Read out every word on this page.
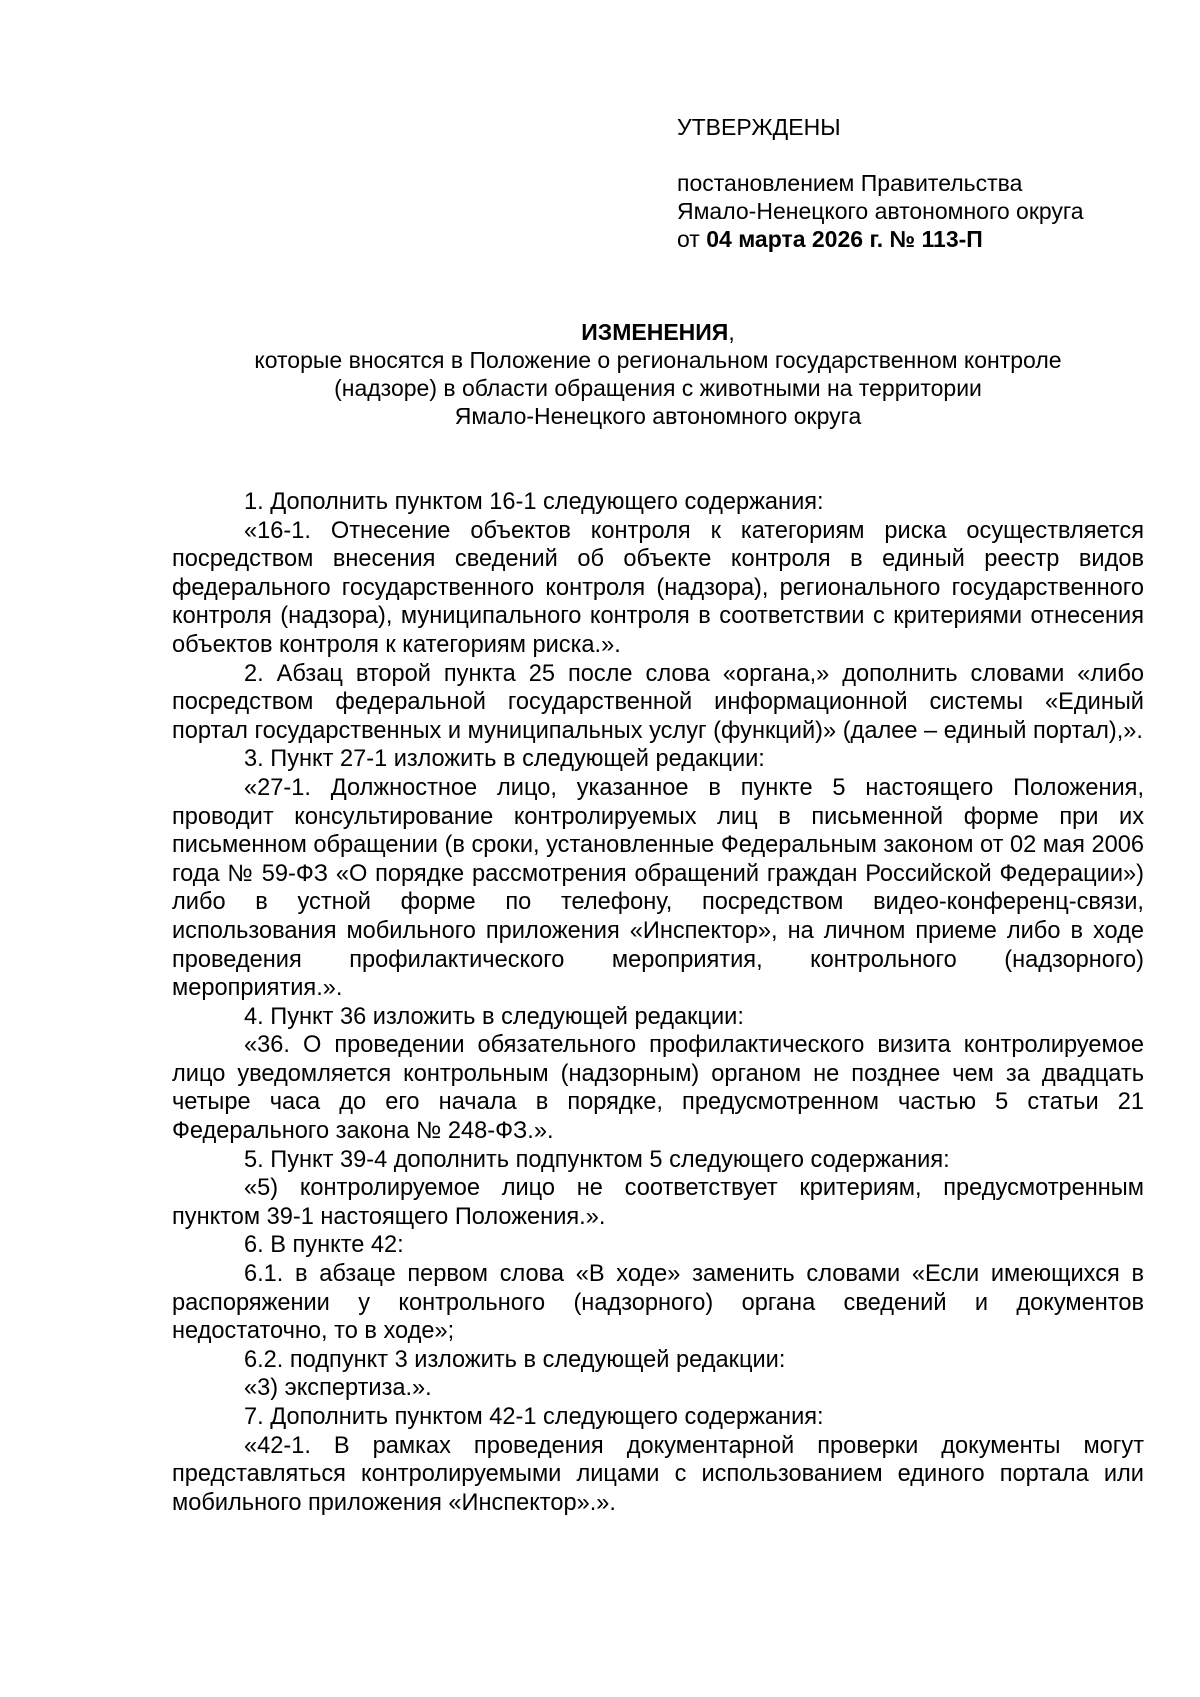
УТВЕРЖДЕНЫ

постановлением Правительства

Ямало-Ненецкого автономного округа

от 04 марта 2026 г. № 113-П

ИЗМЕНЕНИЯ,
которые вносятся в Положение о региональном государственном контроле
(надзоре) в области обращения с животными на территории
Ямало-Ненецкого автономного округа

1. Дополнить пунктом 16-1 следующего содержания:

«16-1. Отнесение объектов контроля к категориям риска осуществляется посредством внесения сведений об объекте контроля в единый реестр видов федерального государственного контроля (надзора), регионального государственного контроля (надзора), муниципального контроля в соответствии с критериями отнесения объектов контроля к категориям риска.».

2. Абзац второй пункта 25 после слова «органа,» дополнить словами «либо посредством федеральной государственной информационной системы «Единый портал государственных и муниципальных услуг (функций)» (далее – единый портал),».

3. Пункт 27-1 изложить в следующей редакции:

«27-1. Должностное лицо, указанное в пункте 5 настоящего Положения, проводит консультирование контролируемых лиц в письменной форме при их письменном обращении (в сроки, установленные Федеральным законом от 02 мая 2006 года № 59-ФЗ «О порядке рассмотрения обращений граждан Российской Федерации») либо в устной форме по телефону, посредством видео-конференц-связи, использования мобильного приложения «Инспектор», на личном приеме либо в ходе проведения профилактического мероприятия, контрольного (надзорного) мероприятия.».

4. Пункт 36 изложить в следующей редакции:

«36. О проведении обязательного профилактического визита контролируемое лицо уведомляется контрольным (надзорным) органом не позднее чем за двадцать четыре часа до его начала в порядке, предусмотренном частью 5 статьи 21 Федерального закона № 248-ФЗ.».

5. Пункт 39-4 дополнить подпунктом 5 следующего содержания:

«5) контролируемое лицо не соответствует критериям, предусмотренным пунктом 39-1 настоящего Положения.».

6. В пункте 42:

6.1. в абзаце первом слова «В ходе» заменить словами «Если имеющихся в распоряжении у контрольного (надзорного) органа сведений и документов недостаточно, то в ходе»;

6.2. подпункт 3 изложить в следующей редакции:

«3) экспертиза.».

7. Дополнить пунктом 42-1 следующего содержания:

«42-1. В рамках проведения документарной проверки документы могут представляться контролируемыми лицами с использованием единого портала или мобильного приложения «Инспектор».».
